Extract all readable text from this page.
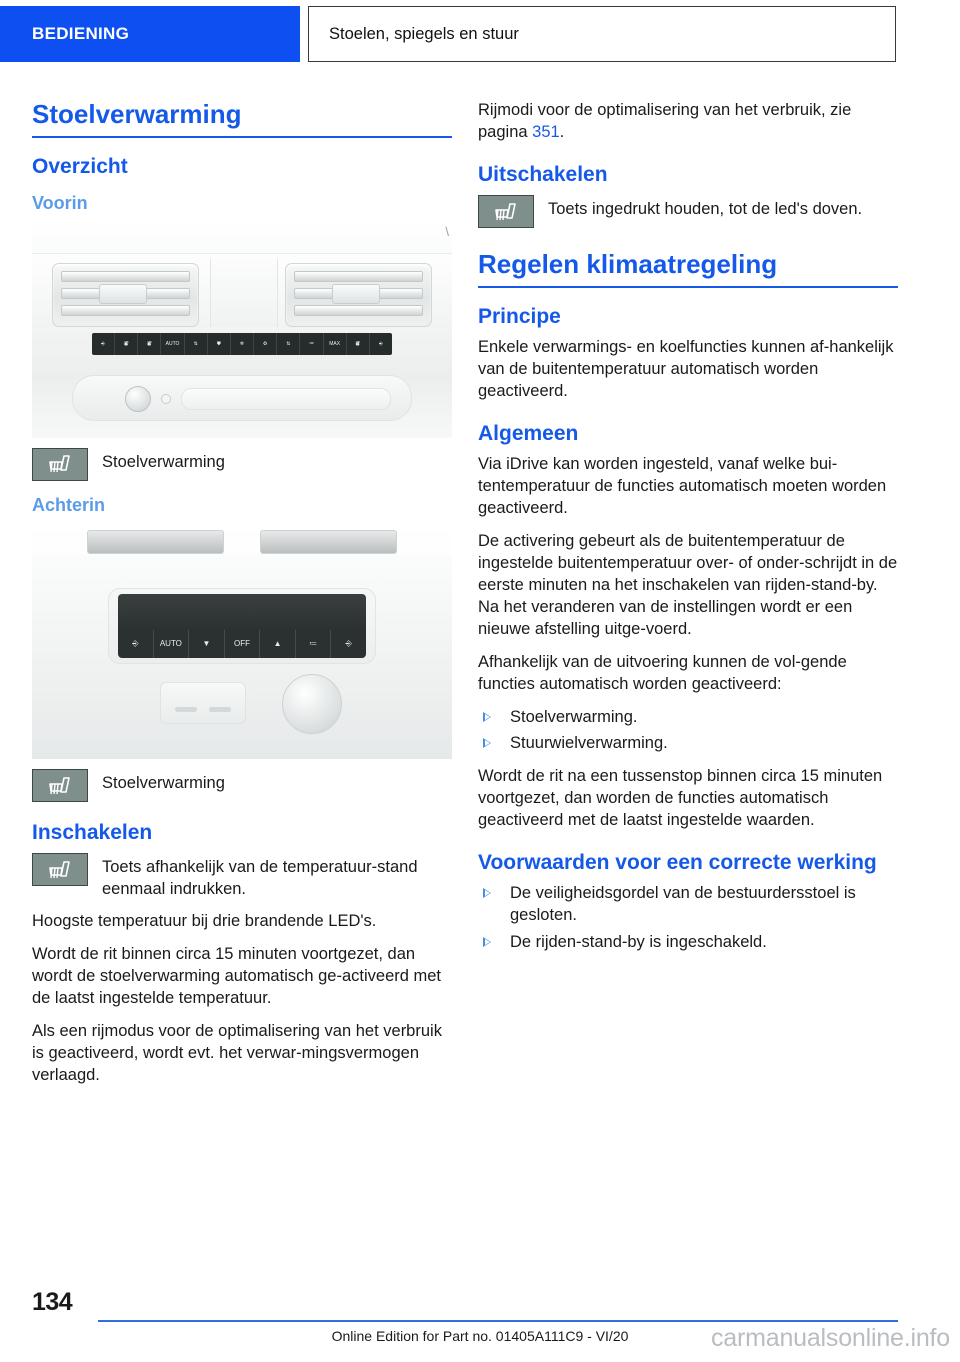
BEDIENING	Stoelen, spiegels en stuur
Stoelverwarming
Overzicht
Voorin
⎆	⛇	⛇	AUTO	⇅	⛊	❄	♻	⇅	≔	MAX	⛇	⎆
\
Stoelverwarming
Achterin
⎆	AUTO	▼	OFF	▲	≔	⎆
Stoelverwarming
Inschakelen
Toets afhankelijk van de temperatuur-stand eenmaal indrukken.

Hoogste temperatuur bij drie brandende LED's.

Wordt de rit binnen circa 15 minuten voortgezet, dan wordt de stoelverwarming automatisch ge-activeerd met de laatst ingestelde temperatuur.

Als een rijmodus voor de optimalisering van het verbruik is geactiveerd, wordt evt. het verwar-mingsvermogen verlaagd.

Rijmodi voor de optimalisering van het verbruik, zie pagina 351.

Uitschakelen
Toets ingedrukt houden, tot de led's doven.
Regelen klimaatregeling
Principe

Enkele verwarmings- en koelfuncties kunnen af-hankelijk van de buitentemperatuur automatisch worden geactiveerd.

Algemeen

Via iDrive kan worden ingesteld, vanaf welke bui-tentemperatuur de functies automatisch moeten worden geactiveerd.

De activering gebeurt als de buitentemperatuur de ingestelde buitentemperatuur over- of onder-schrijdt in de eerste minuten na het inschakelen van rijden-stand-by. Na het veranderen van de instellingen wordt er een nieuwe afstelling uitge-voerd.

Afhankelijk van de uitvoering kunnen de vol-gende functies automatisch worden geactiveerd:

Stoelverwarming.
Stuurwielverwarming.

Wordt de rit na een tussenstop binnen circa 15 minuten voortgezet, dan worden de functies automatisch geactiveerd met de laatst ingestelde waarden.

Voorwaarden voor een correcte werking
De veiligheidsgordel van de bestuurdersstoel is gesloten.
De rijden-stand-by is ingeschakeld.
134
Online Edition for Part no. 01405A111C9 - VI/20	carmanualsonline.info
